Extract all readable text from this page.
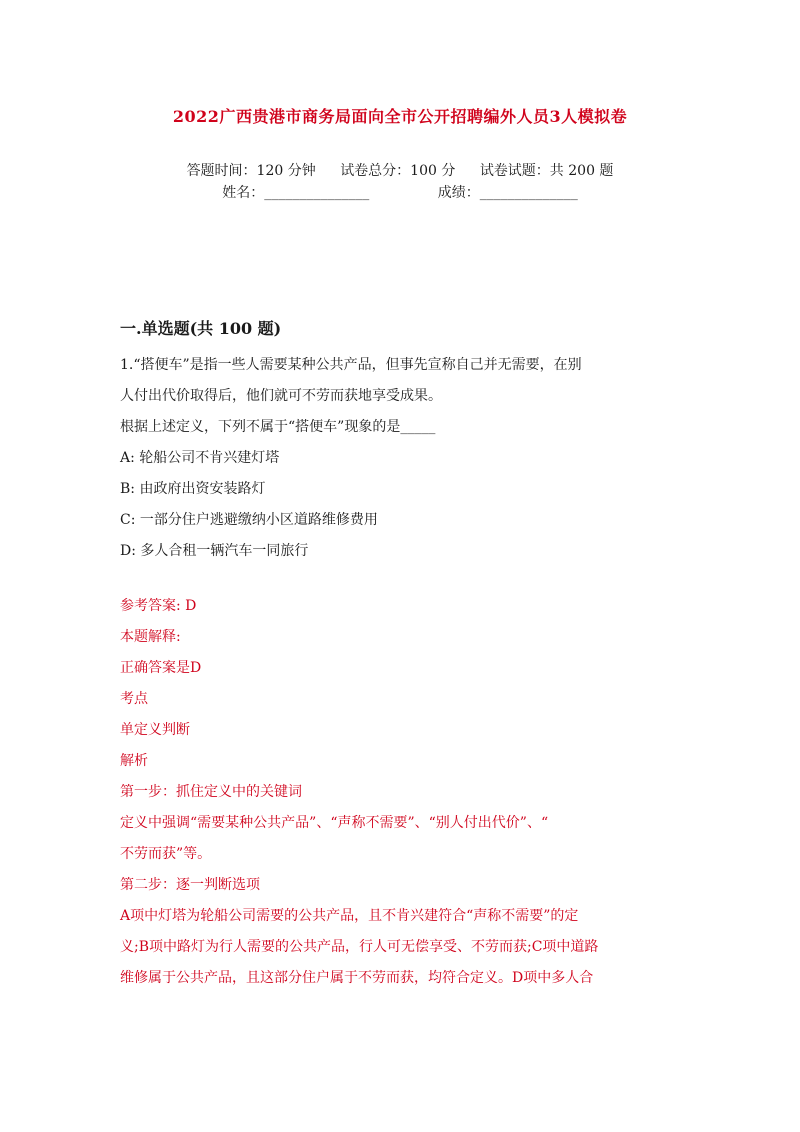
2022广西贵港市商务局面向全市公开招聘编外人员3人模拟卷
答题时间：120 分钟 试卷总分：100 分 试卷试题：共 200 题
姓名：_______________	成绩：______________
一.单选题(共 100 题)
1.“搭便车”是指一些人需要某种公共产品，但事先宣称自己并无需要，在别
人付出代价取得后，他们就可不劳而获地享受成果。
根据上述定义，下列不属于“搭便车”现象的是_____
A: 轮船公司不肯兴建灯塔
B: 由政府出资安装路灯
C: 一部分住户逃避缴纳小区道路维修费用
D: 多人合租一辆汽车一同旅行
参考答案: D
本题解释:
正确答案是D
考点
单定义判断
解析
第一步：抓住定义中的关键词
定义中强调“需要某种公共产品”、“声称不需要”、“别人付出代价”、“
不劳而获”等。
第二步：逐一判断选项
A项中灯塔为轮船公司需要的公共产品，且不肯兴建符合“声称不需要”的定
义;B项中路灯为行人需要的公共产品，行人可无偿享受、不劳而获;C项中道路
维修属于公共产品，且这部分住户属于不劳而获，均符合定义。D项中多人合
